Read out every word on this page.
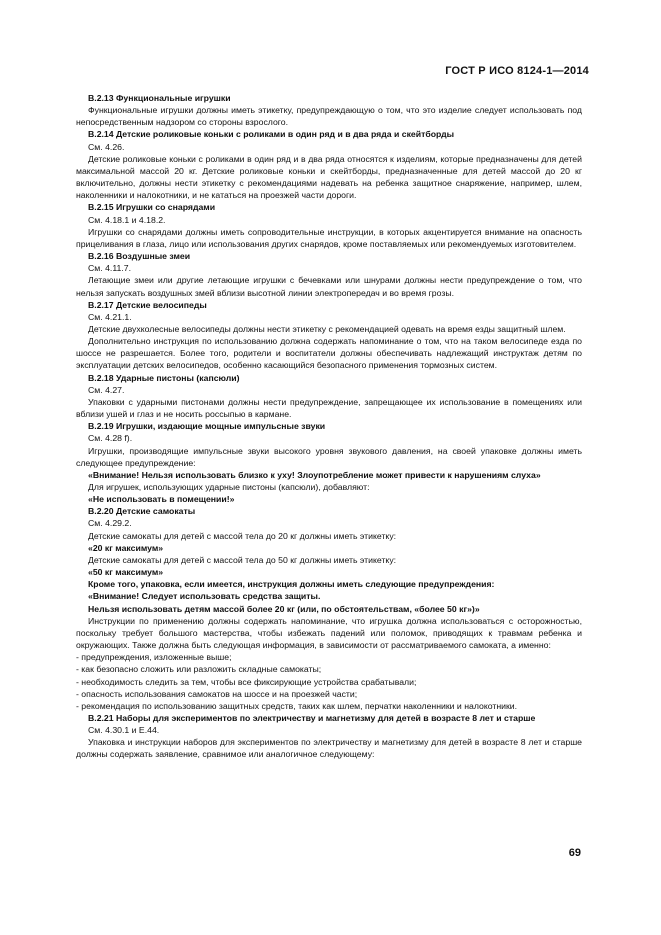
ГОСТ Р ИСО 8124-1—2014

В.2.13 Функциональные игрушки

Функциональные игрушки должны иметь этикетку, предупреждающую о том, что это изделие следует использовать под непосредственным надзором со стороны взрослого.

В.2.14 Детские роликовые коньки с роликами в один ряд и в два ряда и скейтборды

См. 4.26.

Детские роликовые коньки с роликами в один ряд и в два ряда относятся к изделиям, которые предназначены для детей максимальной массой 20 кг. Детские роликовые коньки и скейтборды, предназначенные для детей массой до 20 кг включительно, должны нести этикетку с рекомендациями надевать на ребенка защитное снаряжение, например, шлем, наколенники и налокотники, и не кататься на проезжей части дороги.

В.2.15 Игрушки со снарядами

См. 4.18.1 и 4.18.2.

Игрушки со снарядами должны иметь сопроводительные инструкции, в которых акцентируется внимание на опасность прицеливания в глаза, лицо или использования других снарядов, кроме поставляемых или рекомендуемых изготовителем.

В.2.16 Воздушные змеи

См. 4.11.7.

Летающие змеи или другие летающие игрушки с бечевками или шнурами должны нести предупреждение о том, что нельзя запускать воздушных змей вблизи высотной линии электропередач и во время грозы.

В.2.17 Детские велосипеды

См. 4.21.1.

Детские двухколесные велосипеды должны нести этикетку с рекомендацией одевать на время езды защитный шлем.

Дополнительно инструкция по использованию должна содержать напоминание о том, что на таком велосипеде езда по шоссе не разрешается. Более того, родители и воспитатели должны обеспечивать надлежащий инструктаж детям по эксплуатации детских велосипедов, особенно касающийся безопасного применения тормозных систем.

В.2.18 Ударные пистоны (капсюли)

См. 4.27.

Упаковки с ударными пистонами должны нести предупреждение, запрещающее их использование в помещениях или вблизи ушей и глаз и не носить россыпью в кармане.

В.2.19 Игрушки, издающие мощные импульсные звуки

См. 4.28 f).

Игрушки, производящие импульсные звуки высокого уровня звукового давления, на своей упаковке должны иметь следующее предупреждение:

«Внимание! Нельзя использовать близко к уху! Злоупотребление может привести к нарушениям слуха»

Для игрушек, использующих ударные пистоны (капсюли), добавляют:

«Не использовать в помещении!»

В.2.20 Детские самокаты

См. 4.29.2.

Детские самокаты для детей с массой тела до 20 кг должны иметь этикетку:

«20 кг максимум»

Детские самокаты для детей с массой тела до 50 кг должны иметь этикетку:

«50 кг максимум»

Кроме того, упаковка, если имеется, инструкция должны иметь следующие предупреждения:

«Внимание! Следует использовать средства защиты.

Нельзя использовать детям массой более 20 кг (или, по обстоятельствам, «более 50 кг»)»

Инструкции по применению должны содержать напоминание, что игрушка должна использоваться с осторожностью, поскольку требует большого мастерства, чтобы избежать падений или поломок, приводящих к травмам ребенка и окружающих. Также должна быть следующая информация, в зависимости от рассматриваемого самоката, а именно:

- предупреждения, изложенные выше;

- как безопасно сложить или разложить складные самокаты;

- необходимость следить за тем, чтобы все фиксирующие устройства срабатывали;

- опасность использования самокатов на шоссе и на проезжей части;

- рекомендация по использованию защитных средств, таких как шлем, перчатки наколенники и налокотники.

В.2.21 Наборы для экспериментов по электричеству и магнетизму для детей в возрасте 8 лет и старше

См. 4.30.1 и Е.44.

Упаковка и инструкции наборов для экспериментов по электричеству и магнетизму для детей в возрасте 8 лет и старше должны содержать заявление, сравнимое или аналогичное следующему:

69
